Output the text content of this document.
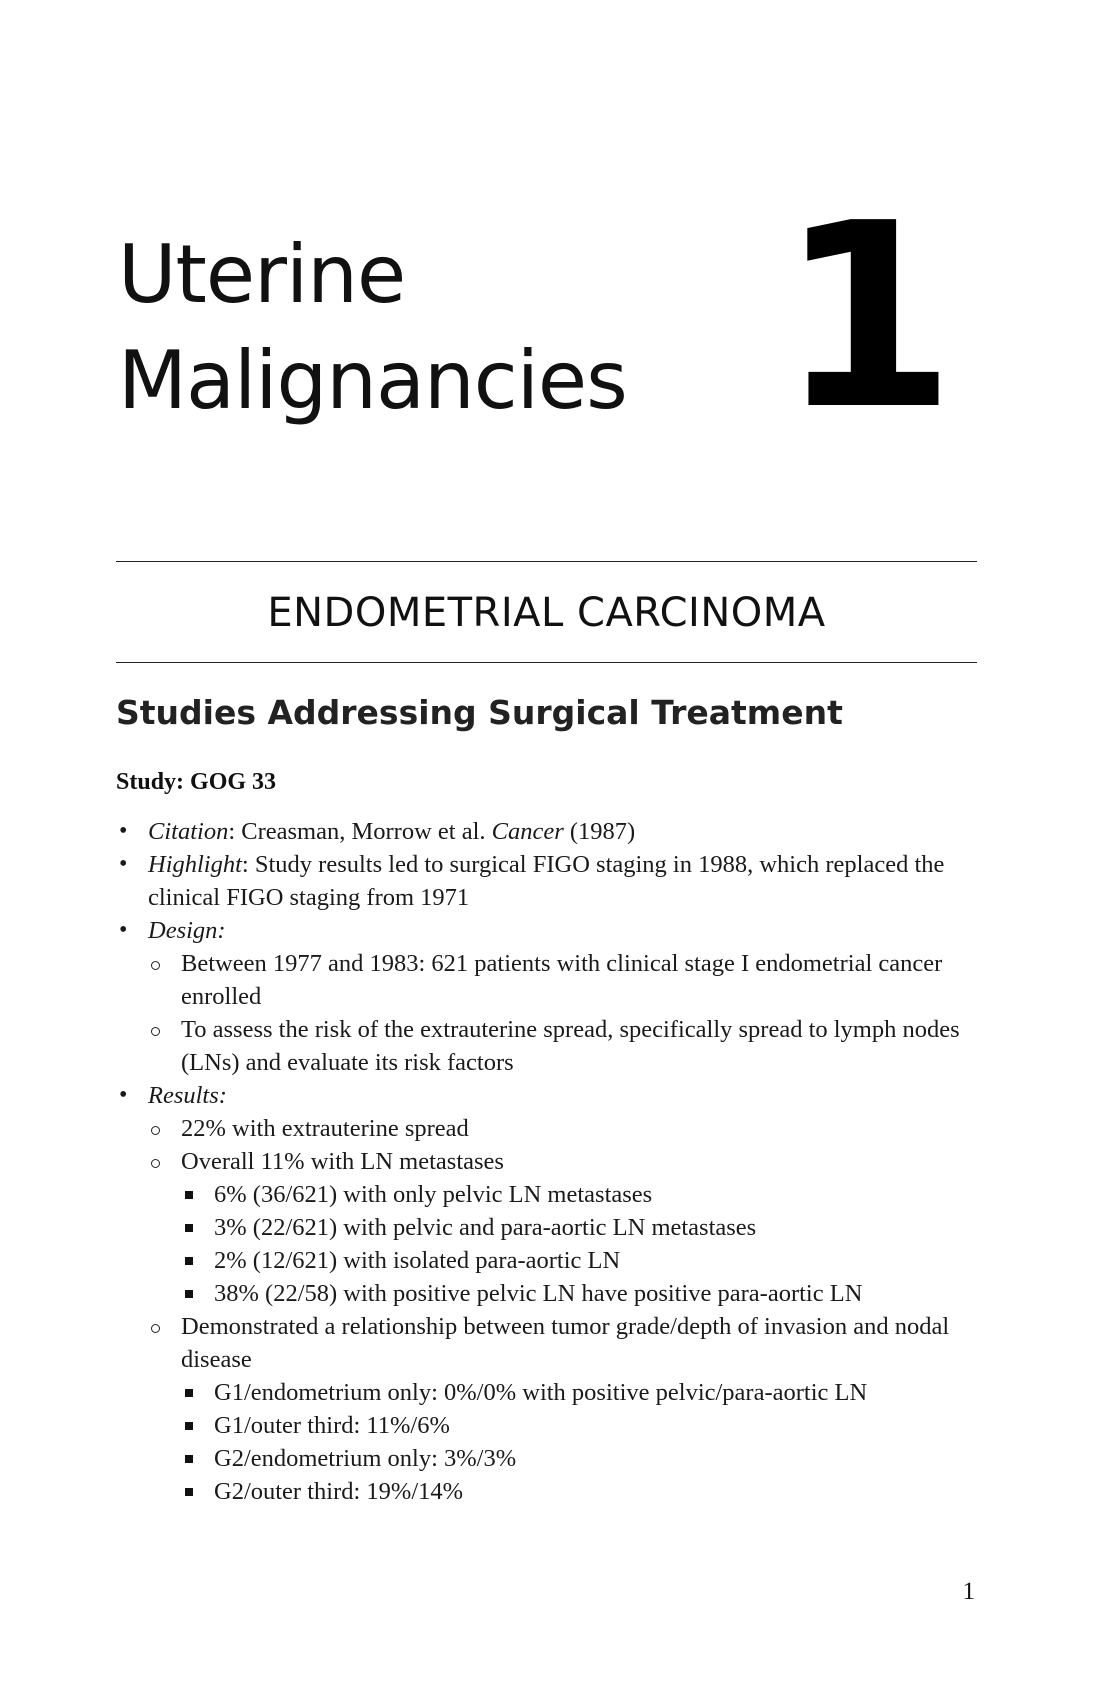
Uterine
Malignancies 1
ENDOMETRIAL CARCINOMA
Studies Addressing Surgical Treatment
Study: GOG 33
• Citation: Creasman, Morrow et al. Cancer (1987)
• Highlight: Study results led to surgical FIGO staging in 1988, which replaced the clinical FIGO staging from 1971
• Design:
Between 1977 and 1983: 621 patients with clinical stage I endometrial cancer enrolled
To assess the risk of the extrauterine spread, specifically spread to lymph nodes (LNs) and evaluate its risk factors
• Results:
22% with extrauterine spread
Overall 11% with LN metastases
6% (36/621) with only pelvic LN metastases
3% (22/621) with pelvic and para-aortic LN metastases
2% (12/621) with isolated para-aortic LN
38% (22/58) with positive pelvic LN have positive para-aortic LN
Demonstrated a relationship between tumor grade/depth of invasion and nodal disease
G1/endometrium only: 0%/0% with positive pelvic/para-aortic LN
G1/outer third: 11%/6%
G2/endometrium only: 3%/3%
G2/outer third: 19%/14%
1
